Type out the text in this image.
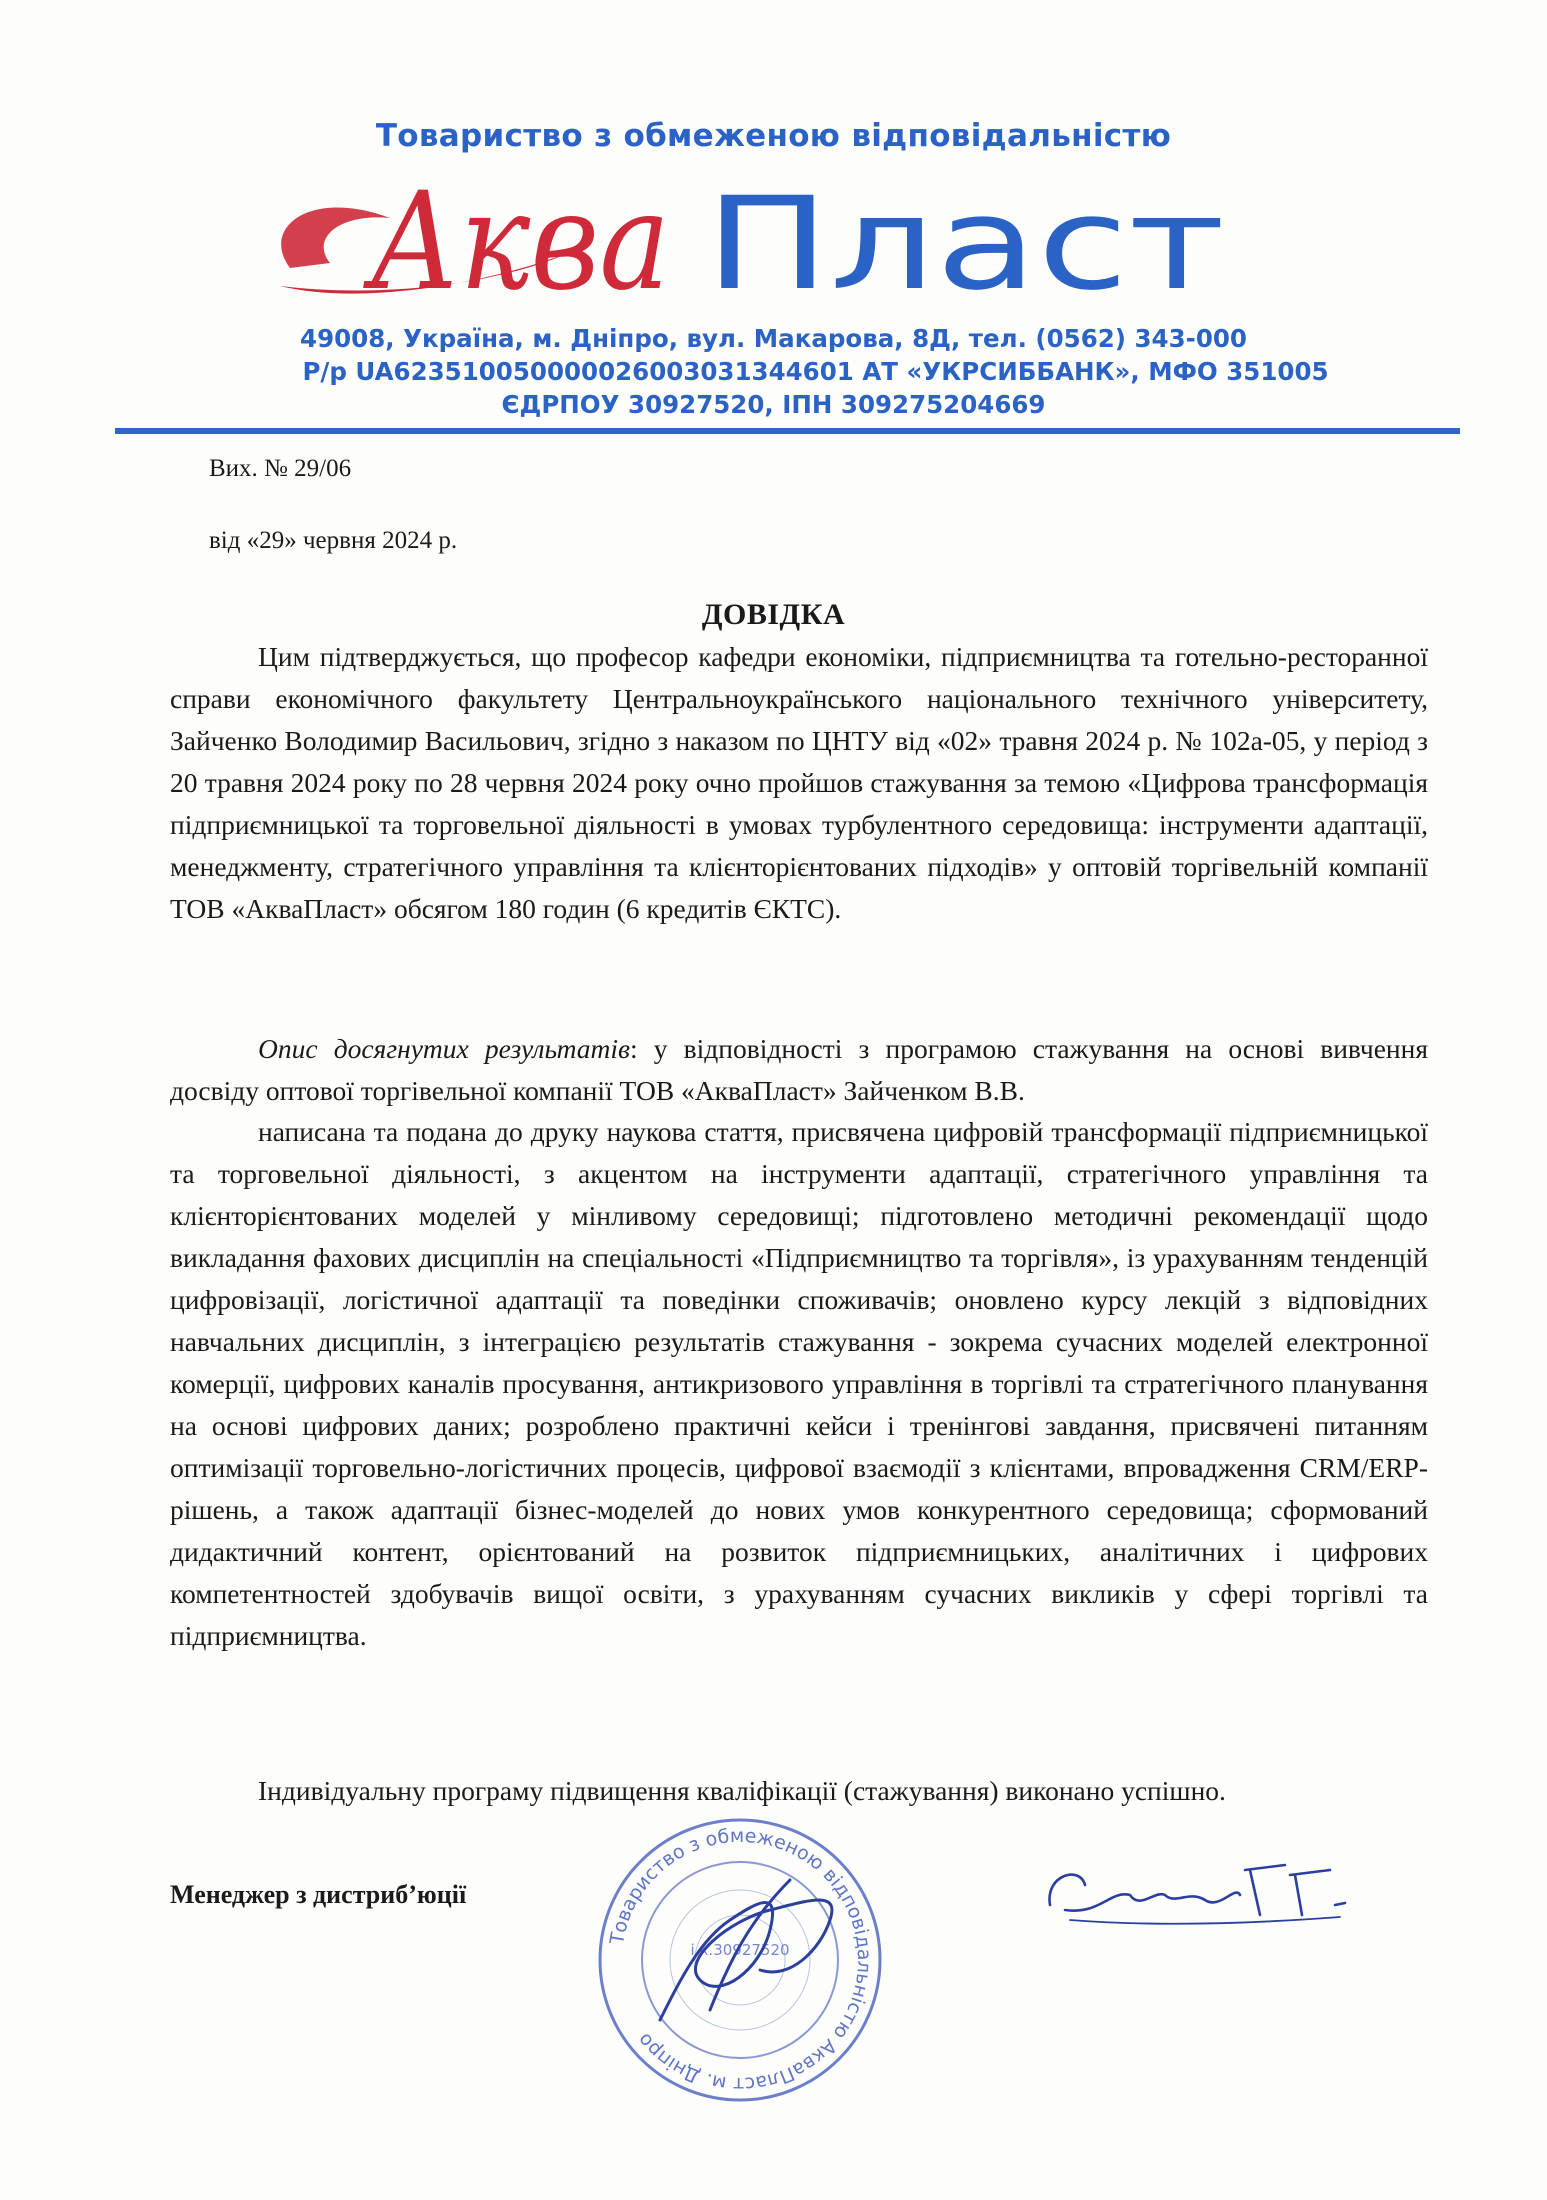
Товариство з обмеженою відповідальністю
Аква Пласт
49008, Україна, м. Дніпро, вул. Макарова, 8Д, тел. (0562) 343-000
Р/р UA623510050000026003031344601 АТ «УКРСИББАНК», МФО 351005
ЄДРПОУ 30927520, ІПН 309275204669
Вих. № 29/06
від «29» червня 2024 р.
ДОВІДКА
Цим підтверджується, що професор кафедри економіки, підприємництва та готельно-ресторанної справи економічного факультету Центральноукраїнського національного технічного університету, Зайченко Володимир Васильович, згідно з наказом по ЦНТУ від «02» травня 2024 р. № 102а-05, у період з 20 травня 2024 року по 28 червня 2024 року очно пройшов стажування за темою «Цифрова трансформація підприємницької та торговельної діяльності в умовах турбулентного середовища: інструменти адаптації, менеджменту, стратегічного управління та клієнторієнтованих підходів» у оптовій торгівельній компанії ТОВ «АкваПласт» обсягом 180 годин (6 кредитів ЄКТС).
Опис досягнутих результатів: у відповідності з програмою стажування на основі вивчення досвіду оптової торгівельної компанії ТОВ «АкваПласт» Зайченком В.В.
написана та подана до друку наукова стаття, присвячена цифровій трансформації підприємницької та торговельної діяльності, з акцентом на інструменти адаптації, стратегічного управління та клієнторієнтованих моделей у мінливому середовищі; підготовлено методичні рекомендації щодо викладання фахових дисциплін на спеціальності «Підприємництво та торгівля», із урахуванням тенденцій цифровізації, логістичної адаптації та поведінки споживачів; оновлено курсу лекцій з відповідних навчальних дисциплін, з інтеграцією результатів стажування - зокрема сучасних моделей електронної комерції, цифрових каналів просування, антикризового управління в торгівлі та стратегічного планування на основі цифрових даних; розроблено практичні кейси і тренінгові завдання, присвячені питанням оптимізації торговельно-логістичних процесів, цифрової взаємодії з клієнтами, впровадження CRM/ERP-рішень, а також адаптації бізнес-моделей до нових умов конкурентного середовища; сформований дидактичний контент, орієнтований на розвиток підприємницьких, аналітичних і цифрових компетентностей здобувачів вищої освіти, з урахуванням сучасних викликів у сфері торгівлі та підприємництва.
Індивідуальну програму підвищення кваліфікації (стажування) виконано успішно.
Менеджер з дистриб’юції
Товариство з обмеженою відповідальністю АкваПласт м. Дніпро
і.к.30927520
